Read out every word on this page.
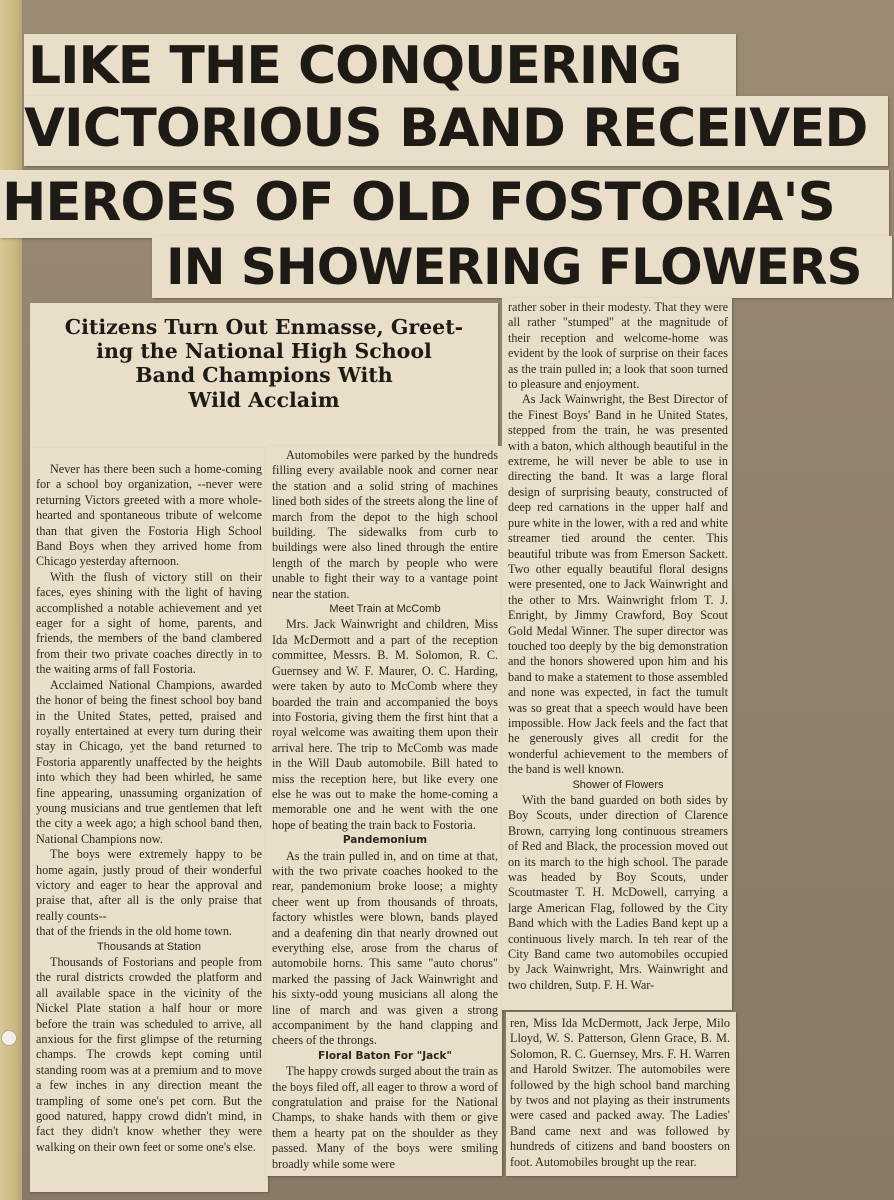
LIKE THE CONQUERING
VICTORIOUS BAND RECEIVED
HEROES OF OLD FOSTORIA'S
IN SHOWERING FLOWERS
Citizens Turn Out Enmasse, Greet-
ing the National High School
Band Champions With
Wild Acclaim

Never has there been such a home-coming for a school boy organization, --never were returning Victors greeted with a more whole-hearted and spontaneous tribute of welcome than that given the Fostoria High School Band Boys when they arrived home from Chicago yesterday afternoon.

With the flush of victory still on their faces, eyes shining with the light of having accomplished a notable achievement and yet eager for a sight of home, parents, and friends, the members of the band clambered from their two private coaches directly in to the waiting arms of fall Fostoria.

Acclaimed National Champions, awarded the honor of being the finest school boy band in the United States, petted, praised and royally entertained at every turn during their stay in Chicago, yet the band returned to Fostoria apparently unaffected by the heights into which they had been whirled, he same fine appearing, unassuming organization of young musicians and true gentlemen that left the city a week ago; a high school band then, National Champions now.

The boys were extremely happy to be home again, justly proud of their wonderful victory and eager to hear the approval and praise that, after all is the only praise that really counts--

that of the friends in the old home town.

Thousands at Station

Thousands of Fostorians and people from the rural districts crowded the platform and all available space in the vicinity of the Nickel Plate station a half hour or more before the train was scheduled to arrive, all anxious for the first glimpse of the returning champs. The crowds kept coming until standing room was at a premium and to move a few inches in any direction meant the trampling of some one's pet corn. But the good natured, happy crowd didn't mind, in fact they didn't know whether they were walking on their own feet or some one's else.

Automobiles were parked by the hundreds filling every available nook and corner near the station and a solid string of machines lined both sides of the streets along the line of march from the depot to the high school building. The sidewalks from curb to buildings were also lined through the entire length of the march by people who were unable to fight their way to a vantage point near the station.

Meet Train at McComb

Mrs. Jack Wainwright and children, Miss Ida McDermott and a part of the reception committee, Messrs. B. M. Solomon, R. C. Guernsey and W. F. Maurer, O. C. Harding, were taken by auto to McComb where they boarded the train and accompanied the boys into Fostoria, giving them the first hint that a royal welcome was awaiting them upon their arrival here. The trip to McComb was made in the Will Daub automobile. Bill hated to miss the reception here, but like every one else he was out to make the home-coming a memorable one and he went with the one hope of beating the train back to Fostoria.

Pandemonium

As the train pulled in, and on time at that, with the two private coaches hooked to the rear, pandemonium broke loose; a mighty cheer went up from thousands of throats, factory whistles were blown, bands played and a deafening din that nearly drowned out everything else, arose from the charus of automobile horns. This same "auto chorus" marked the passing of Jack Wainwright and his sixty-odd young musicians all along the line of march and was given a strong accompaniment by the hand clapping and cheers of the throngs.

Floral Baton For "Jack"

The happy crowds surged about the train as the boys filed off, all eager to throw a word of congratulation and praise for the National Champs, to shake hands with them or give them a hearty pat on the shoulder as they passed. Many of the boys were smiling broadly while some were

rather sober in their modesty. That they were all rather "stumped" at the magnitude of their reception and welcome-home was evident by the look of surprise on their faces as the train pulled in; a look that soon turned to pleasure and enjoyment.

As Jack Wainwright, the Best Director of the Finest Boys' Band in he United States, stepped from the train, he was presented with a baton, which although beautiful in the extreme, he will never be able to use in directing the band. It was a large floral design of surprising beauty, constructed of deep red carnations in the upper half and pure white in the lower, with a red and white streamer tied around the center. This beautiful tribute was from Emerson Sackett. Two other equally beautiful floral designs were presented, one to Jack Wainwright and the other to Mrs. Wainwright frlom T. J. Enright, by Jimmy Crawford, Boy Scout Gold Medal Winner. The super director was touched too deeply by the big demonstration and the honors showered upon him and his band to make a statement to those assembled and none was expected, in fact the tumult was so great that a speech would have been impossible. How Jack feels and the fact that he generously gives all credit for the wonderful achievement to the members of the band is well known.

Shower of Flowers

With the band guarded on both sides by Boy Scouts, under direction of Clarence Brown, carrying long continuous streamers of Red and Black, the procession moved out on its march to the high school. The parade was headed by Boy Scouts, under Scoutmaster T. H. McDowell, carrying a large American Flag, followed by the City Band which with the Ladies Band kept up a continuous lively march. In teh rear of the City Band came two automobiles occupied by Jack Wainwright, Mrs. Wainwright and two children, Sutp. F. H. War-

ren, Miss Ida McDermott, Jack Jerpe, Milo Lloyd, W. S. Patterson, Glenn Grace, B. M. Solomon, R. C. Guernsey, Mrs. F. H. Warren and Harold Switzer. The automobiles were followed by the high school band marching by twos and not playing as their instruments were cased and packed away. The Ladies' Band came next and was followed by hundreds of citizens and band boosters on foot. Automobiles brought up the rear.
